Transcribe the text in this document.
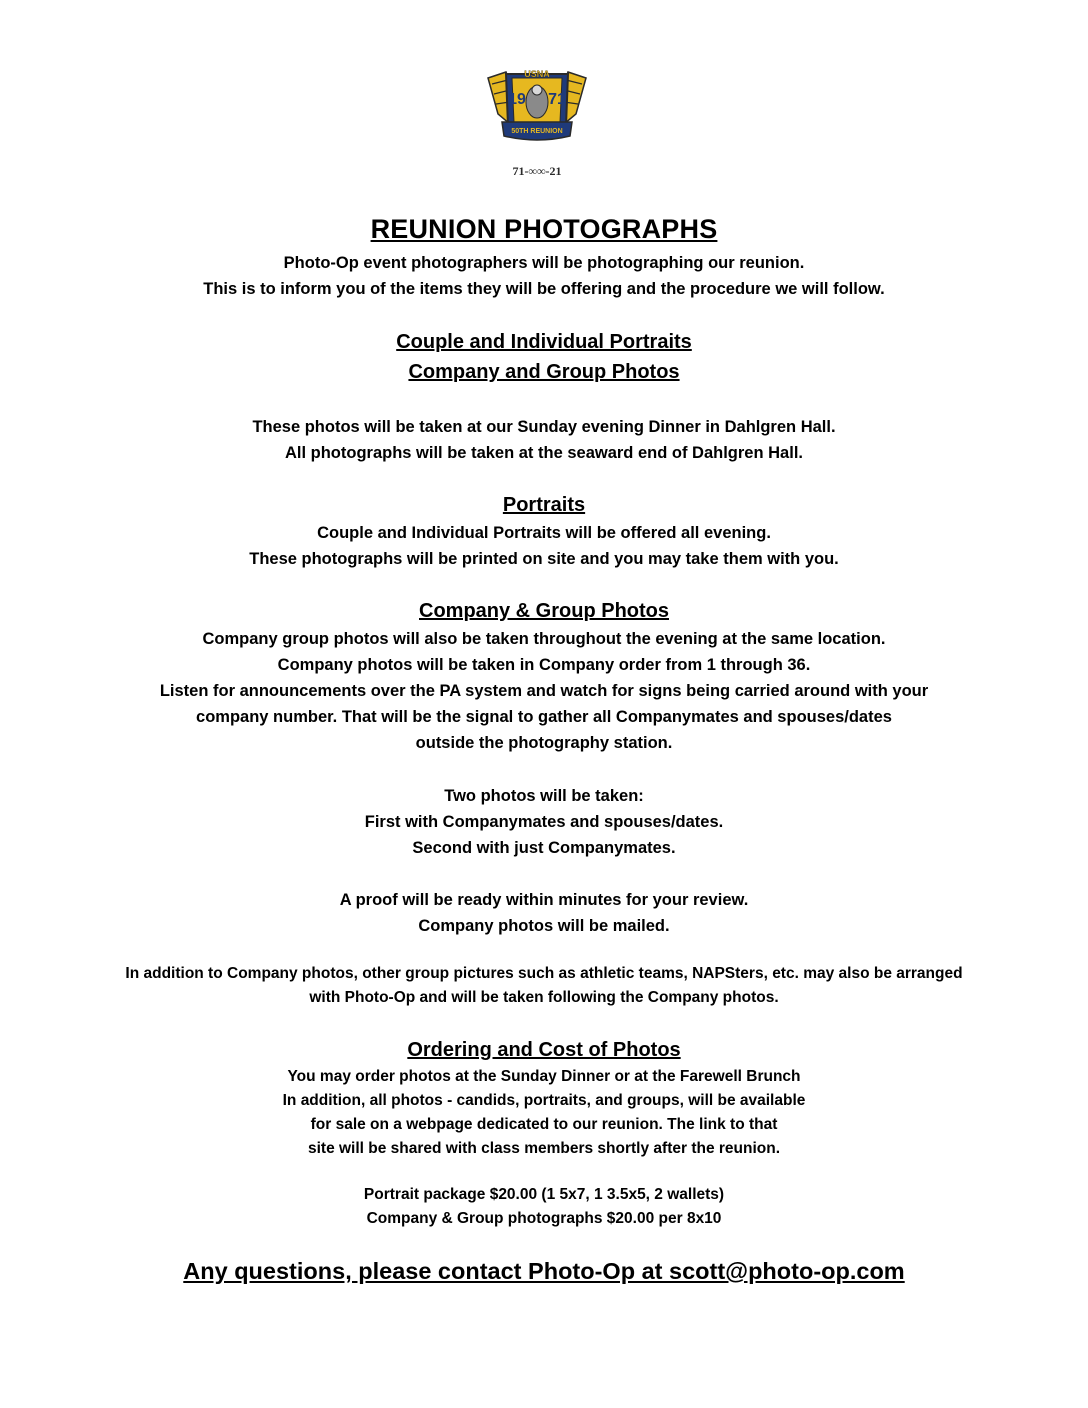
USNA
19 71
50TH REUNION
71-∞∞-21
REUNION PHOTOGRAPHS
Photo-Op event photographers will be photographing our reunion.
This is to inform you of the items they will be offering and the procedure we will follow.
Couple and Individual Portraits
Company and Group Photos
These photos will be taken at our Sunday evening Dinner in Dahlgren Hall.
All photographs will be taken at the seaward end of Dahlgren Hall.
Portraits
Couple and Individual Portraits will be offered all evening.
These photographs will be printed on site and you may take them with you.
Company & Group Photos
Company group photos will also be taken throughout the evening at the same location.
Company photos will be taken in Company order from 1 through 36.
Listen for announcements over the PA system and watch for signs being carried around with your
company number. That will be the signal to gather all Companymates and spouses/dates
outside the photography station.
Two photos will be taken:
First with Companymates and spouses/dates.
Second with just Companymates.
A proof will be ready within minutes for your review.
Company photos will be mailed.
In addition to Company photos, other group pictures such as athletic teams, NAPSters, etc. may also be arranged
with Photo-Op and will be taken following the Company photos.
Ordering and Cost of Photos
You may order photos at the Sunday Dinner or at the Farewell Brunch
In addition, all photos - candids, portraits, and groups, will be available
for sale on a webpage dedicated to our reunion. The link to that
site will be shared with class members shortly after the reunion.
Portrait package $20.00 (1 5x7, 1 3.5x5, 2 wallets)
Company & Group photographs $20.00 per 8x10
Any questions, please contact Photo-Op at scott@photo-op.com
